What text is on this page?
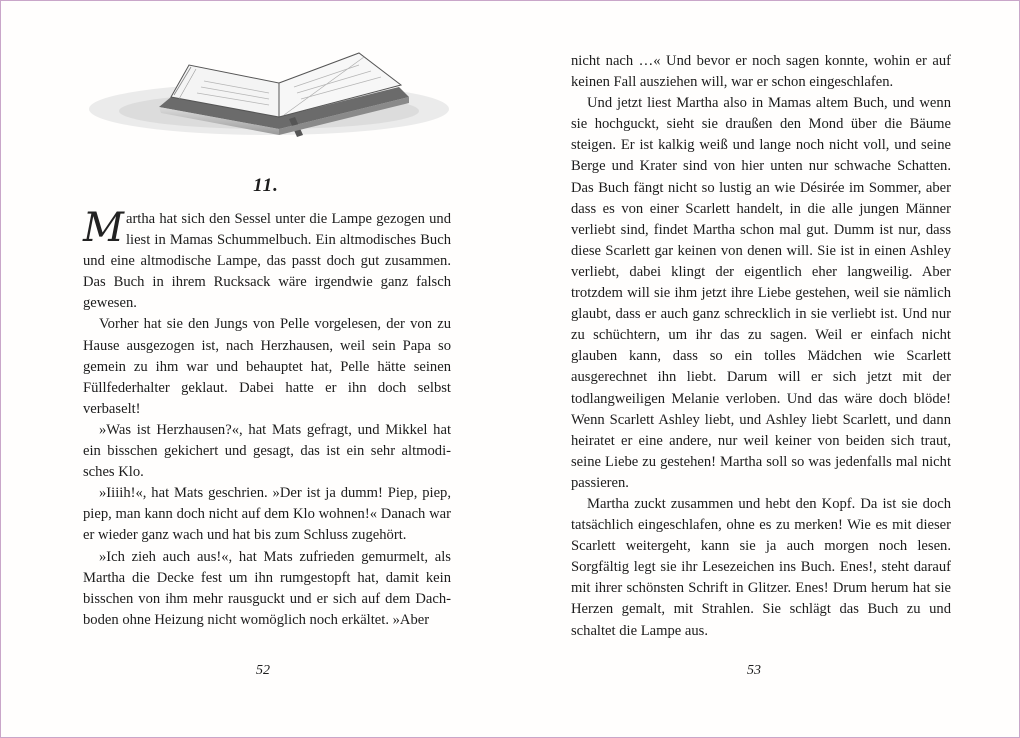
11.

Martha hat sich den Sessel unter die Lampe gezogen und liest in Mamas Schummelbuch. Ein altmodisches Buch und eine altmodische Lampe, das passt doch gut zusammen. Das Buch in ihrem Rucksack wäre irgendwie ganz falsch gewesen.

Vorher hat sie den Jungs von Pelle vorgelesen, der von zu Hause ausgezogen ist, nach Herzhausen, weil sein Papa so gemein zu ihm war und behauptet hat, Pelle hätte seinen Füllfederhalter geklaut. Dabei hatte er ihn doch selbst verbaselt!

»Was ist Herzhausen?«, hat Mats gefragt, und Mikkel hat ein bisschen gekichert und gesagt, das ist ein sehr altmodisches Klo.

»Iiiih!«, hat Mats geschrien. »Der ist ja dumm! Piep, piep, piep, man kann doch nicht auf dem Klo wohnen!« Danach war er wieder ganz wach und hat bis zum Schluss zugehört.

»Ich zieh auch aus!«, hat Mats zufrieden gemurmelt, als Martha die Decke fest um ihn rumgestopft hat, damit kein bisschen von ihm mehr rausguckt und er sich auf dem Dachboden ohne Heizung nicht womöglich noch erkältet. »Aber

52

nicht nach …« Und bevor er noch sagen konnte, wohin er auf keinen Fall ausziehen will, war er schon eingeschlafen.

Und jetzt liest Martha also in Mamas altem Buch, und wenn sie hochguckt, sieht sie draußen den Mond über die Bäume steigen. Er ist kalkig weiß und lange noch nicht voll, und seine Berge und Krater sind von hier unten nur schwache Schatten. Das Buch fängt nicht so lustig an wie Désirée im Sommer, aber dass es von einer Scarlett handelt, in die alle jungen Männer verliebt sind, findet Martha schon mal gut. Dumm ist nur, dass diese Scarlett gar keinen von denen will. Sie ist in einen Ashley verliebt, dabei klingt der eigentlich eher langweilig. Aber trotzdem will sie ihm jetzt ihre Liebe gestehen, weil sie nämlich glaubt, dass er auch ganz schrecklich in sie verliebt ist. Und nur zu schüchtern, um ihr das zu sagen. Weil er einfach nicht glauben kann, dass so ein tolles Mädchen wie Scarlett ausgerechnet ihn liebt. Darum will er sich jetzt mit der todlangweiligen Melanie verloben. Und das wäre doch blöde! Wenn Scarlett Ashley liebt, und Ashley liebt Scarlett, und dann heiratet er eine andere, nur weil keiner von beiden sich traut, seine Liebe zu gestehen! Martha soll so was jedenfalls mal nicht passieren.

Martha zuckt zusammen und hebt den Kopf. Da ist sie doch tatsächlich eingeschlafen, ohne es zu merken! Wie es mit dieser Scarlett weitergeht, kann sie ja auch morgen noch lesen. Sorgfältig legt sie ihr Lesezeichen ins Buch. Enes!, steht darauf mit ihrer schönsten Schrift in Glitzer. Enes! Drum herum hat sie Herzen gemalt, mit Strahlen. Sie schlägt das Buch zu und schaltet die Lampe aus.

53
